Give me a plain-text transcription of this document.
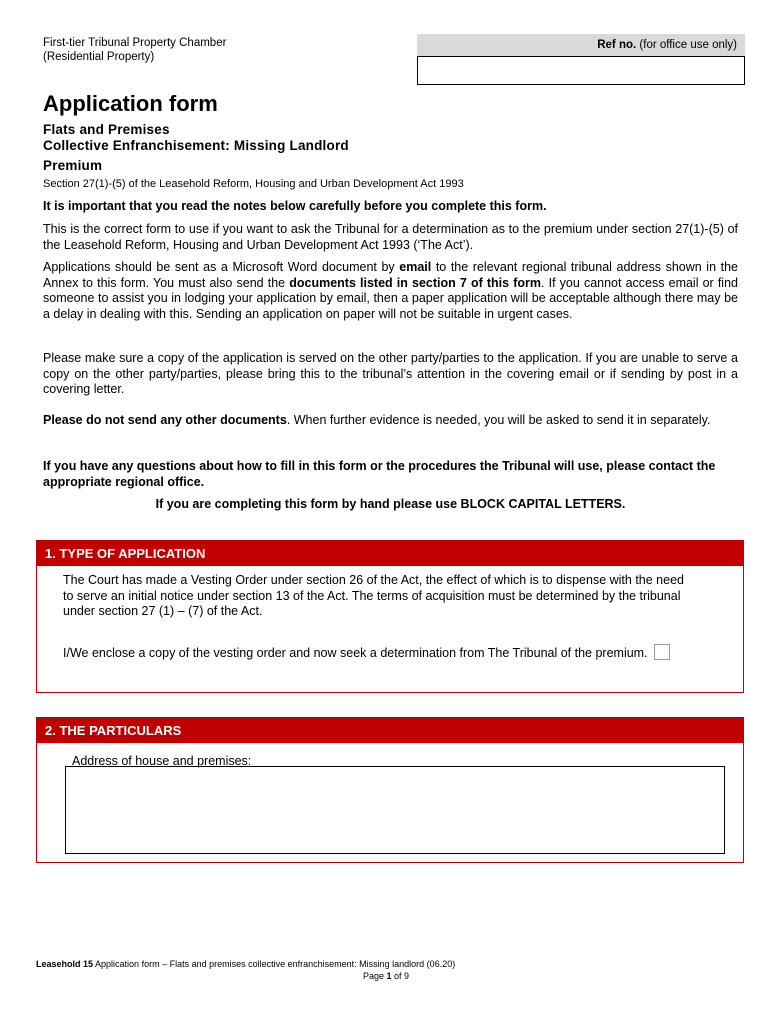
First-tier Tribunal Property Chamber
(Residential Property)
Ref no. (for office use only)
Application form
Flats and Premises
Collective Enfranchisement: Missing Landlord
Premium
Section 27(1)-(5) of the Leasehold Reform, Housing and Urban Development Act 1993
It is important that you read the notes below carefully before you complete this form.
This is the correct form to use if you want to ask the Tribunal for a determination as to the premium under section 27(1)-(5) of the Leasehold Reform, Housing and Urban Development Act 1993 (‘The Act’).
Applications should be sent as a Microsoft Word document by email to the relevant regional tribunal address shown in the Annex to this form. You must also send the documents listed in section 7 of this form. If you cannot access email or find someone to assist you in lodging your application by email, then a paper application will be acceptable although there may be a delay in dealing with this. Sending an application on paper will not be suitable in urgent cases.
Please make sure a copy of the application is served on the other party/parties to the application. If you are unable to serve a copy on the other party/parties, please bring this to the tribunal’s attention in the covering email or if sending by post in a covering letter.
Please do not send any other documents. When further evidence is needed, you will be asked to send it in separately.
If you have any questions about how to fill in this form or the procedures the Tribunal will use, please contact the appropriate regional office.
If you are completing this form by hand please use BLOCK CAPITAL LETTERS.
1. TYPE OF APPLICATION
The Court has made a Vesting Order under section 26 of the Act, the effect of which is to dispense with the need to serve an initial notice under section 13 of the Act. The terms of acquisition must be determined by the tribunal under section 27 (1) – (7) of the Act.
I/We enclose a copy of the vesting order and now seek a determination from The Tribunal of the premium.
2. THE PARTICULARS
Address of house and premises:
Leasehold 15 Application form – Flats and premises collective enfranchisement: Missing landlord (06.20)
Page 1 of 9
